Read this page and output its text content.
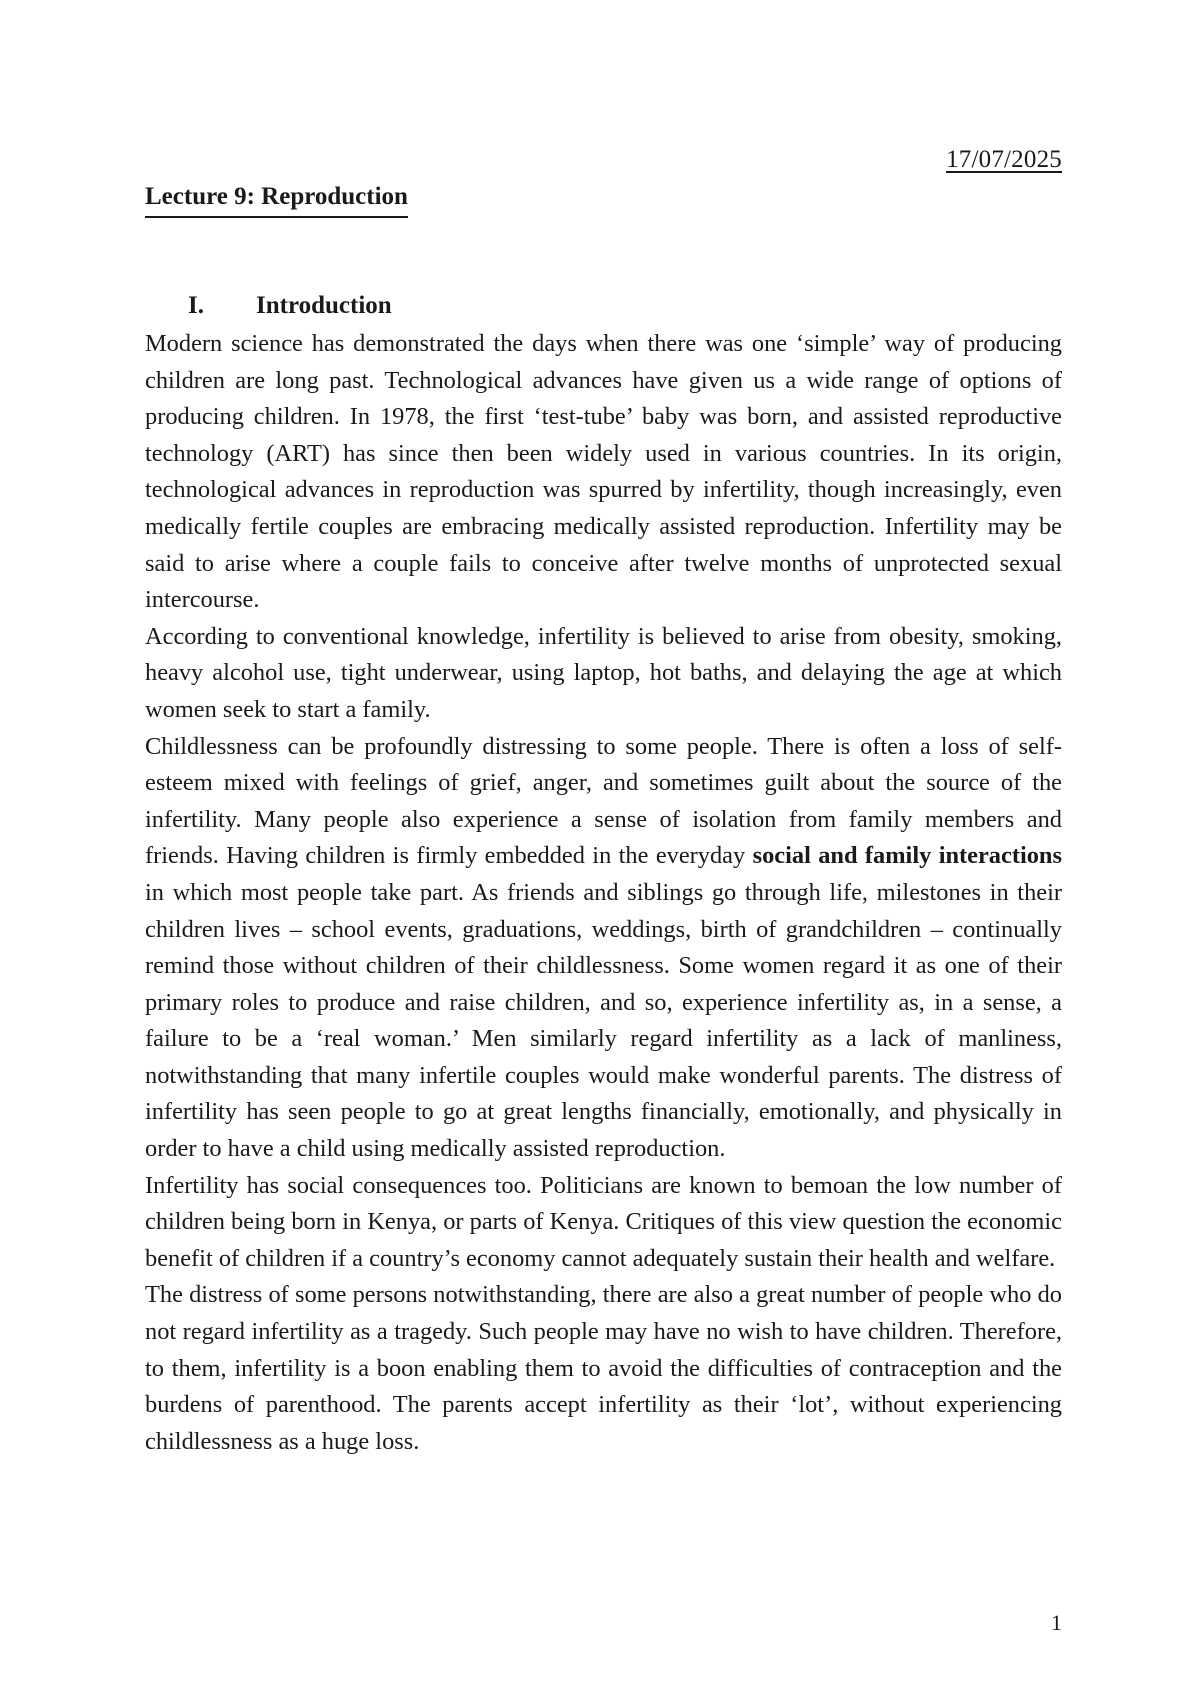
17/07/2025
Lecture 9: Reproduction
I.	Introduction

Modern science has demonstrated the days when there was one ‘simple’ way of producing children are long past. Technological advances have given us a wide range of options of producing children. In 1978, the first ‘test-tube’ baby was born, and assisted reproductive technology (ART) has since then been widely used in various countries. In its origin, technological advances in reproduction was spurred by infertility, though increasingly, even medically fertile couples are embracing medically assisted reproduction. Infertility may be said to arise where a couple fails to conceive after twelve months of unprotected sexual intercourse.

According to conventional knowledge, infertility is believed to arise from obesity, smoking, heavy alcohol use, tight underwear, using laptop, hot baths, and delaying the age at which women seek to start a family.

Childlessness can be profoundly distressing to some people. There is often a loss of self-esteem mixed with feelings of grief, anger, and sometimes guilt about the source of the infertility. Many people also experience a sense of isolation from family members and friends. Having children is firmly embedded in the everyday social and family interactions in which most people take part. As friends and siblings go through life, milestones in their children lives – school events, graduations, weddings, birth of grandchildren – continually remind those without children of their childlessness. Some women regard it as one of their primary roles to produce and raise children, and so, experience infertility as, in a sense, a failure to be a ‘real woman.’ Men similarly regard infertility as a lack of manliness, notwithstanding that many infertile couples would make wonderful parents. The distress of infertility has seen people to go at great lengths financially, emotionally, and physically in order to have a child using medically assisted reproduction.

Infertility has social consequences too. Politicians are known to bemoan the low number of children being born in Kenya, or parts of Kenya. Critiques of this view question the economic benefit of children if a country’s economy cannot adequately sustain their health and welfare.

The distress of some persons notwithstanding, there are also a great number of people who do not regard infertility as a tragedy. Such people may have no wish to have children. Therefore, to them, infertility is a boon enabling them to avoid the difficulties of contraception and the burdens of parenthood. The parents accept infertility as their ‘lot’, without experiencing childlessness as a huge loss.

1
